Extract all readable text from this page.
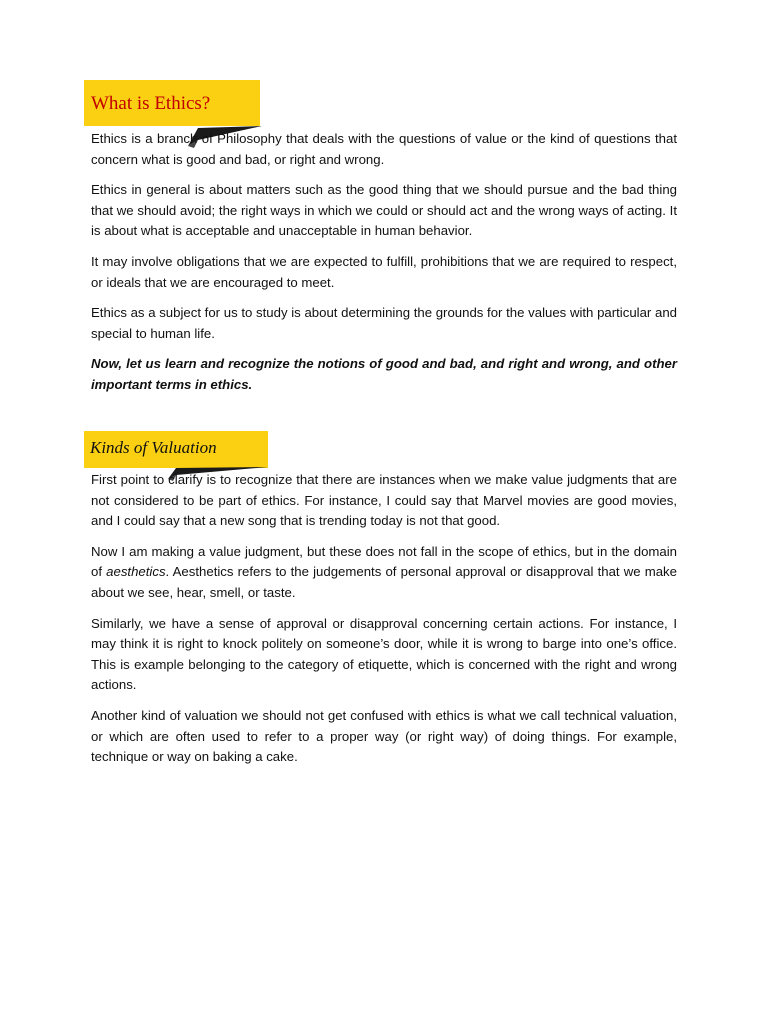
What is Ethics?

Ethics is a branch of Philosophy that deals with the questions of value or the kind of questions that concern what is good and bad, or right and wrong.

Ethics in general is about matters such as the good thing that we should pursue and the bad thing that we should avoid; the right ways in which we could or should act and the wrong ways of acting. It is about what is acceptable and unacceptable in human behavior.

It may involve obligations that we are expected to fulfill, prohibitions that we are required to respect, or ideals that we are encouraged to meet.

Ethics as a subject for us to study is about determining the grounds for the values with particular and special to human life.

Now, let us learn and recognize the notions of good and bad, and right and wrong, and other important terms in ethics.

Kinds of Valuation

First point to clarify is to recognize that there are instances when we make value judgments that are not considered to be part of ethics. For instance, I could say that Marvel movies are good movies, and I could say that a new song that is trending today is not that good.

Now I am making a value judgment, but these does not fall in the scope of ethics, but in the domain of aesthetics. Aesthetics refers to the judgements of personal approval or disapproval that we make about we see, hear, smell, or taste.

Similarly, we have a sense of approval or disapproval concerning certain actions. For instance, I may think it is right to knock politely on someone’s door, while it is wrong to barge into one’s office. This is example belonging to the category of etiquette, which is concerned with the right and wrong actions.

Another kind of valuation we should not get confused with ethics is what we call technical valuation, or which are often used to refer to a proper way (or right way) of doing things. For example, technique or way on baking a cake.
